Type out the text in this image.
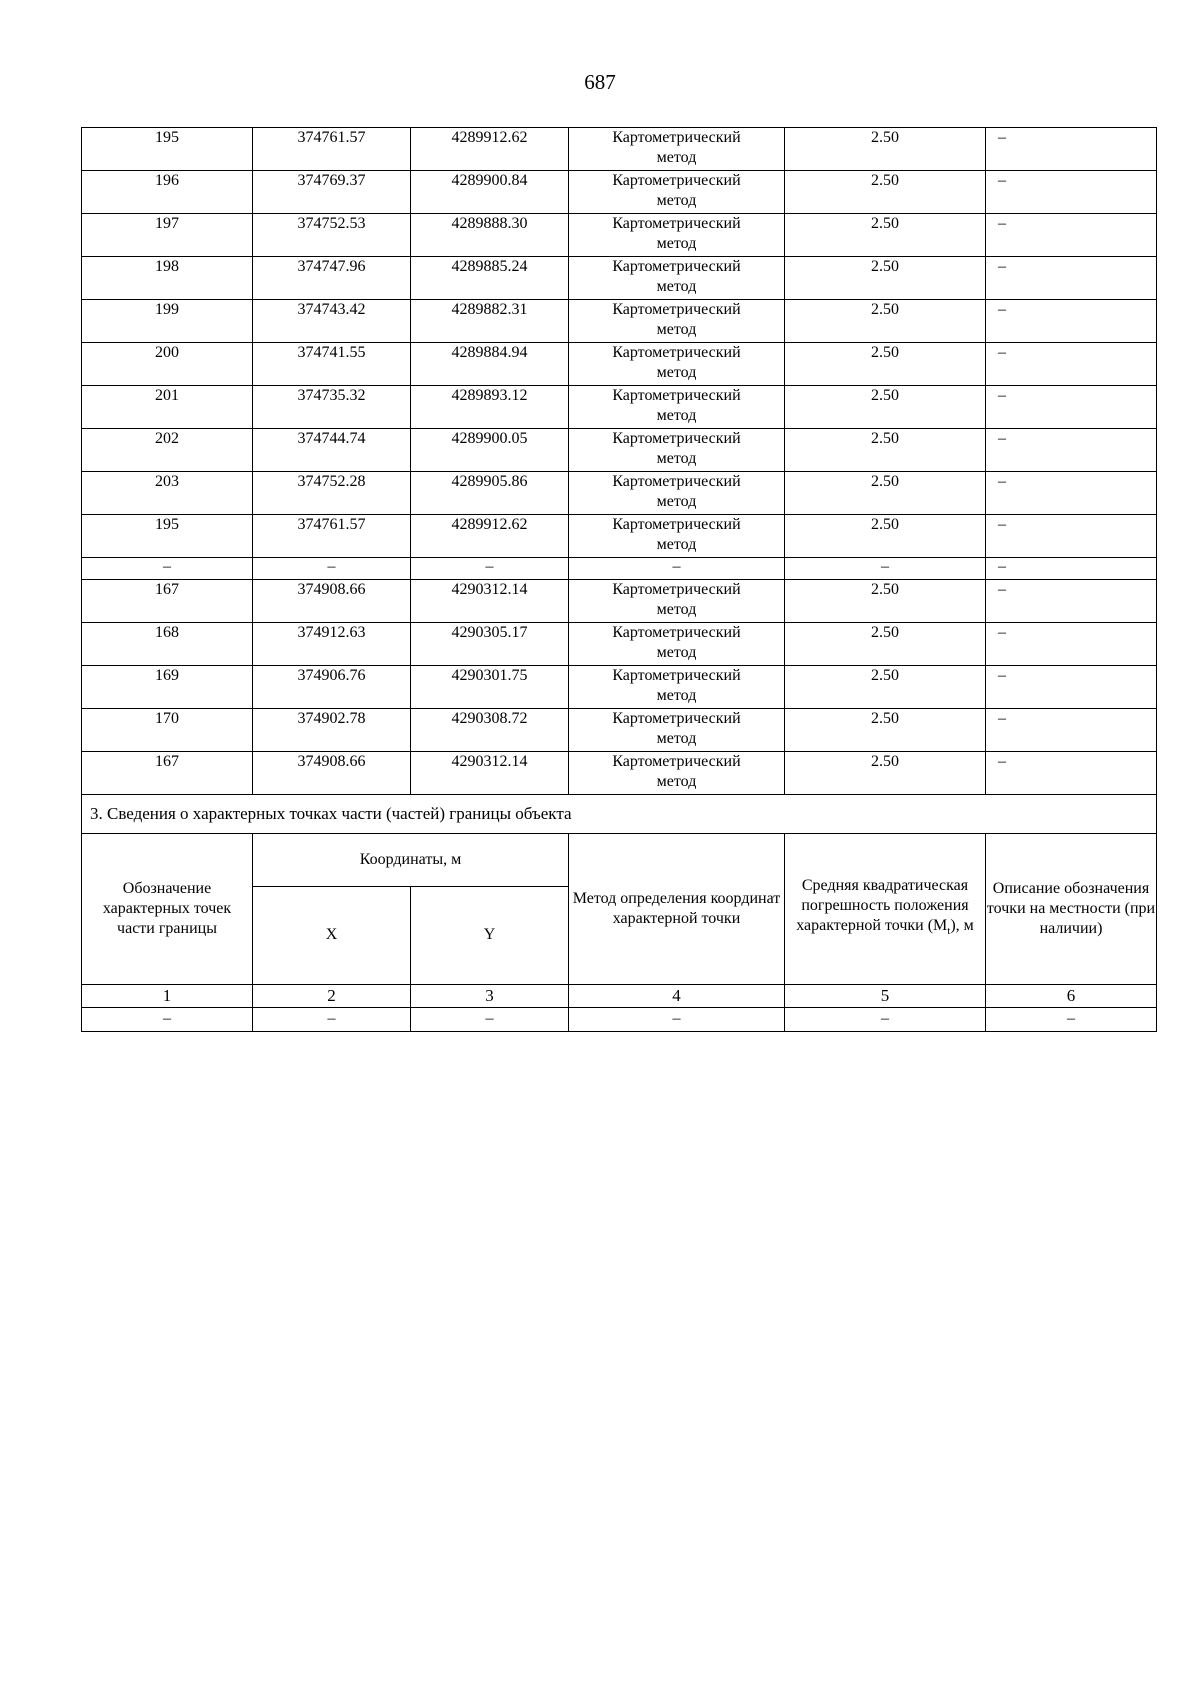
687
195	374761.57	4289912.62	Картометрический
метод	2.50	–
196	374769.37	4289900.84	Картометрический
метод	2.50	–
197	374752.53	4289888.30	Картометрический
метод	2.50	–
198	374747.96	4289885.24	Картометрический
метод	2.50	–
199	374743.42	4289882.31	Картометрический
метод	2.50	–
200	374741.55	4289884.94	Картометрический
метод	2.50	–
201	374735.32	4289893.12	Картометрический
метод	2.50	–
202	374744.74	4289900.05	Картометрический
метод	2.50	–
203	374752.28	4289905.86	Картометрический
метод	2.50	–
195	374761.57	4289912.62	Картометрический
метод	2.50	–
–	–	–	–	–	–
167	374908.66	4290312.14	Картометрический
метод	2.50	–
168	374912.63	4290305.17	Картометрический
метод	2.50	–
169	374906.76	4290301.75	Картометрический
метод	2.50	–
170	374902.78	4290308.72	Картометрический
метод	2.50	–
167	374908.66	4290312.14	Картометрический
метод	2.50	–
3. Сведения о характерных точках части (частей) границы объекта					
Обозначение характерных точек части границы	Координаты, м		Метод определения координат характерной точки	Средняя квадратическая погрешность положения характерной точки $(M_t)$, м	Описание обозначения точки на местности (при наличии)
	X	Y			
1	2	3	4	5	6
–	–	–	–	–	–
